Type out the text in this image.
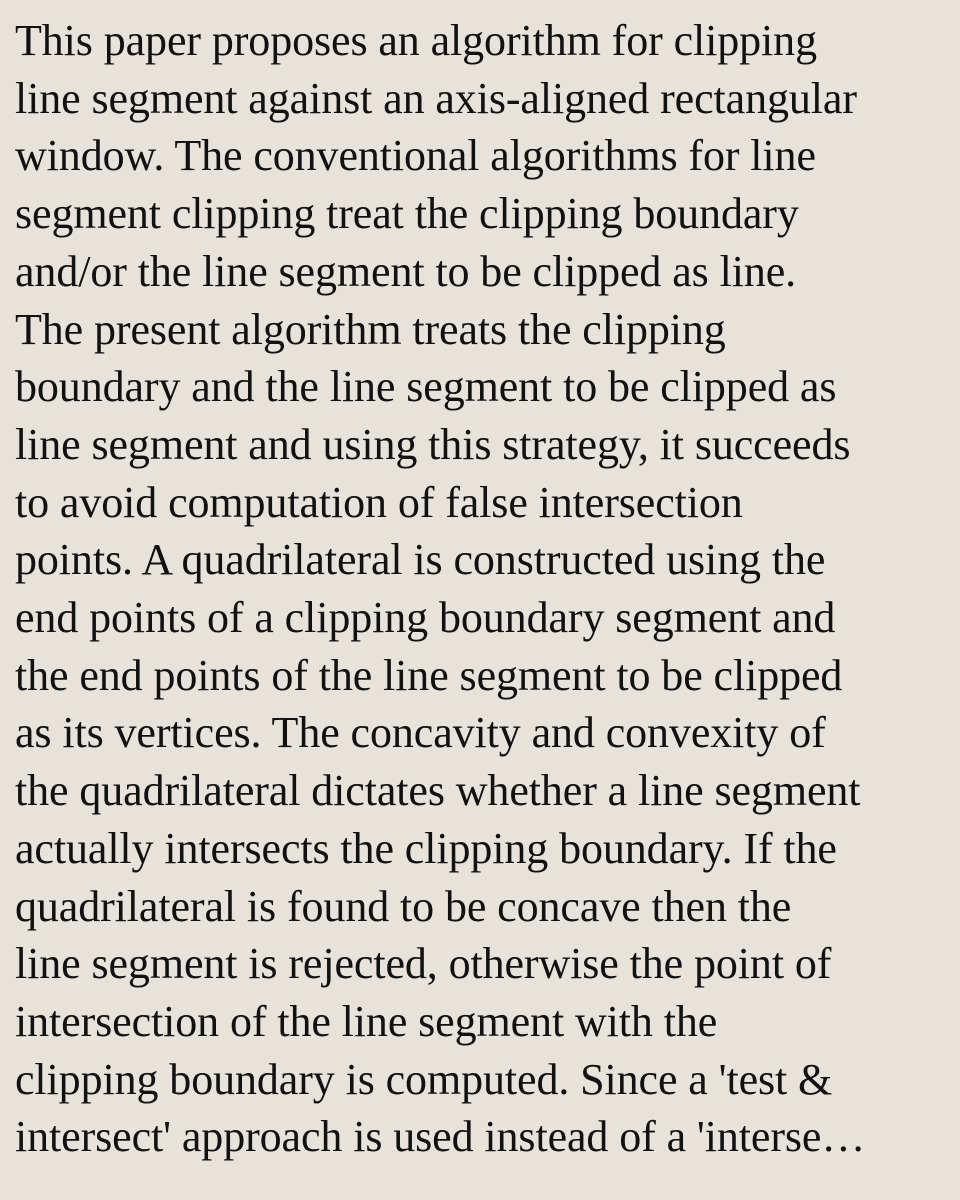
This paper proposes an algorithm for clipping
line segment against an axis-aligned rectangular
window. The conventional algorithms for line
segment clipping treat the clipping boundary
and/or the line segment to be clipped as line.
The present algorithm treats the clipping
boundary and the line segment to be clipped as
line segment and using this strategy, it succeeds
to avoid computation of false intersection
points. A quadrilateral is constructed using the
end points of a clipping boundary segment and
the end points of the line segment to be clipped
as its vertices. The concavity and convexity of
the quadrilateral dictates whether a line segment
actually intersects the clipping boundary. If the
quadrilateral is found to be concave then the
line segment is rejected, otherwise the point of
intersection of the line segment with the
clipping boundary is computed. Since a 'test &
intersect' approach is used instead of a 'interse…
